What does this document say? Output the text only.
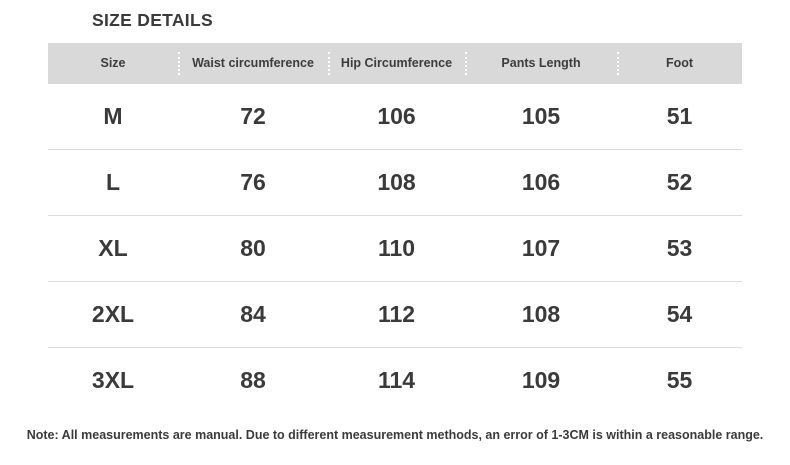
SIZE DETAILS
Size	Waist circumference	Hip Circumference	Pants Length	Foot

M	72	106	105	51
L	76	108	106	52
XL	80	110	107	53
2XL	84	112	108	54
3XL	88	114	109	55
Note: All measurements are manual. Due to different measurement methods, an error of 1-3CM is within a reasonable range.
